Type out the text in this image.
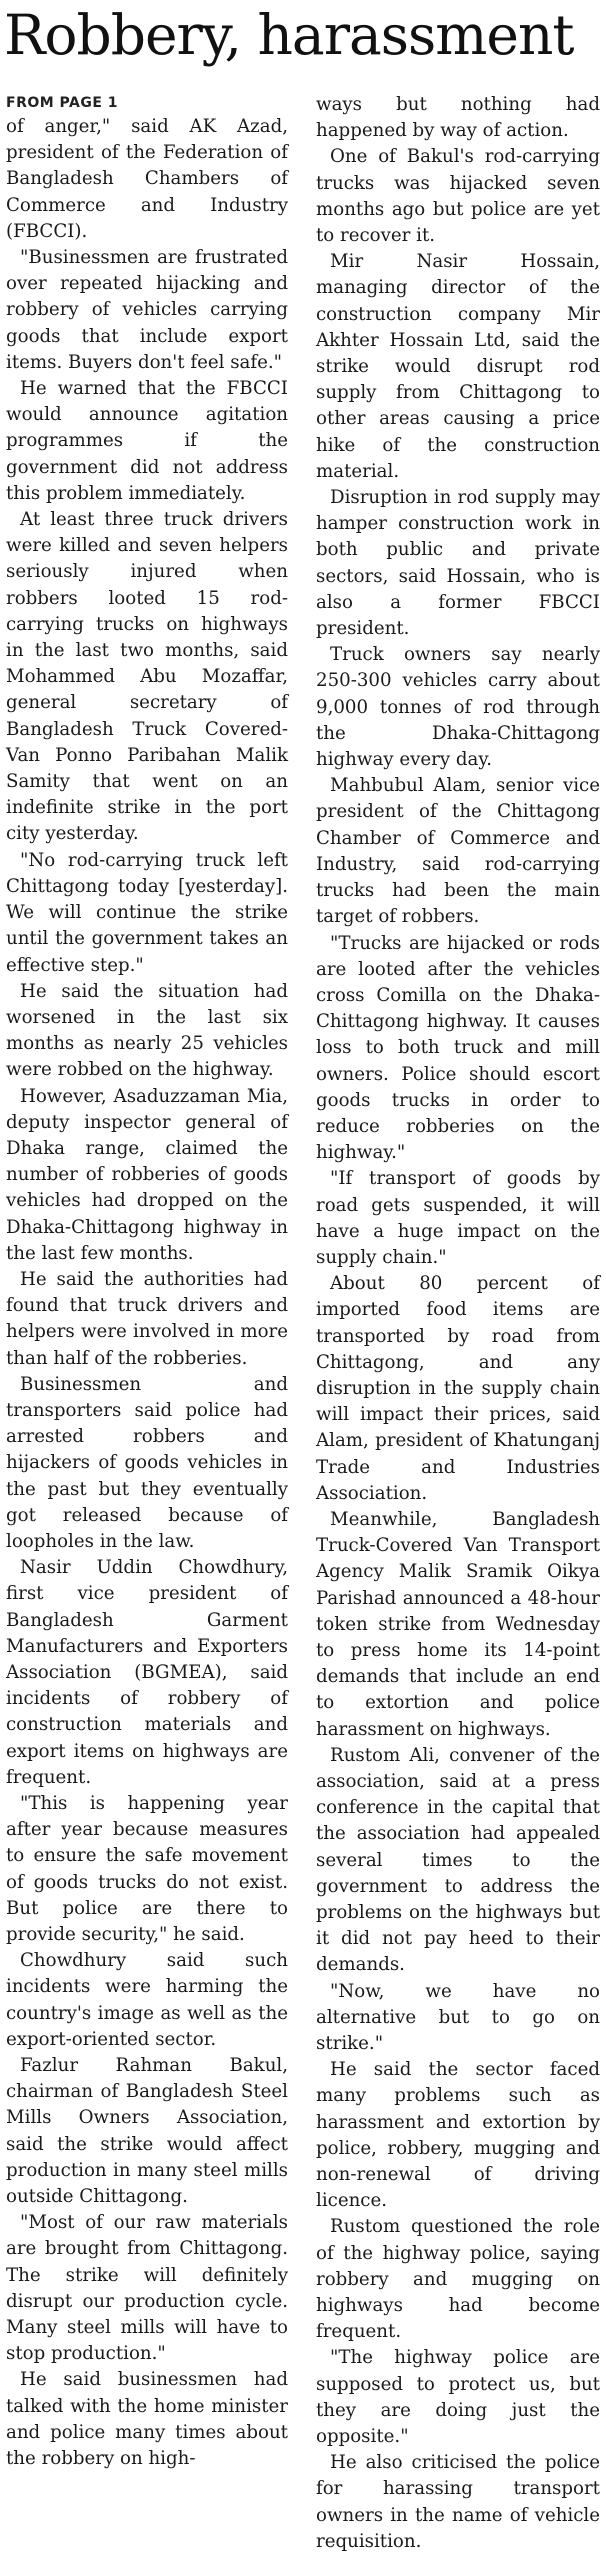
Robbery, harassment
FROM PAGE 1

of anger," said AK Azad, president of the Federation of Bangladesh Chambers of Commerce and Industry (FBCCI).

"Businessmen are frustrated over repeated hijacking and robbery of vehicles carrying goods that include export items. Buyers don't feel safe."

He warned that the FBCCI would announce agitation programmes if the government did not address this problem immediately.

At least three truck drivers were killed and seven helpers seriously injured when robbers looted 15 rod-carrying trucks on highways in the last two months, said Mohammed Abu Mozaffar, general secretary of Bangladesh Truck Covered-Van Ponno Paribahan Malik Samity that went on an indefinite strike in the port city yesterday.

"No rod-carrying truck left Chittagong today [yesterday]. We will continue the strike until the government takes an effective step."

He said the situation had worsened in the last six months as nearly 25 vehicles were robbed on the highway.

However, Asaduzzaman Mia, deputy inspector general of Dhaka range, claimed the number of robberies of goods vehicles had dropped on the Dhaka-Chittagong highway in the last few months.

He said the authorities had found that truck drivers and helpers were involved in more than half of the robberies.

Businessmen and transporters said police had arrested robbers and hijackers of goods vehicles in the past but they eventually got released because of loopholes in the law.

Nasir Uddin Chowdhury, first vice president of Bangladesh Garment Manufacturers and Exporters Association (BGMEA), said incidents of robbery of construction materials and export items on highways are frequent.

"This is happening year after year because measures to ensure the safe movement of goods trucks do not exist. But police are there to provide security," he said.

Chowdhury said such incidents were harming the country's image as well as the export-oriented sector.

Fazlur Rahman Bakul, chairman of Bangladesh Steel Mills Owners Association, said the strike would affect production in many steel mills outside Chittagong.

"Most of our raw materials are brought from Chittagong. The strike will definitely disrupt our production cycle. Many steel mills will have to stop production."

He said businessmen had talked with the home minister and police many times about the robbery on high-

ways but nothing had happened by way of action.

One of Bakul's rod-carrying trucks was hijacked seven months ago but police are yet to recover it.

Mir Nasir Hossain, managing director of the construction company Mir Akhter Hossain Ltd, said the strike would disrupt rod supply from Chittagong to other areas causing a price hike of the construction material.

Disruption in rod supply may hamper construction work in both public and private sectors, said Hossain, who is also a former FBCCI president.

Truck owners say nearly 250-300 vehicles carry about 9,000 tonnes of rod through the Dhaka-Chittagong highway every day.

Mahbubul Alam, senior vice president of the Chittagong Chamber of Commerce and Industry, said rod-carrying trucks had been the main target of robbers.

"Trucks are hijacked or rods are looted after the vehicles cross Comilla on the Dhaka-Chittagong highway. It causes loss to both truck and mill owners. Police should escort goods trucks in order to reduce robberies on the highway."

"If transport of goods by road gets suspended, it will have a huge impact on the supply chain."

About 80 percent of imported food items are transported by road from Chittagong, and any disruption in the supply chain will impact their prices, said Alam, president of Khatunganj Trade and Industries Association.

Meanwhile, Bangladesh Truck-Covered Van Transport Agency Malik Sramik Oikya Parishad announced a 48-hour token strike from Wednesday to press home its 14-point demands that include an end to extortion and police harassment on highways.

Rustom Ali, convener of the association, said at a press conference in the capital that the association had appealed several times to the government to address the problems on the highways but it did not pay heed to their demands.

"Now, we have no alternative but to go on strike."

He said the sector faced many problems such as harassment and extortion by police, robbery, mugging and non-renewal of driving licence.

Rustom questioned the role of the highway police, saying robbery and mugging on highways had become frequent.

"The highway police are supposed to protect us, but they are doing just the opposite."

He also criticised the police for harassing transport owners in the name of vehicle requisition.
